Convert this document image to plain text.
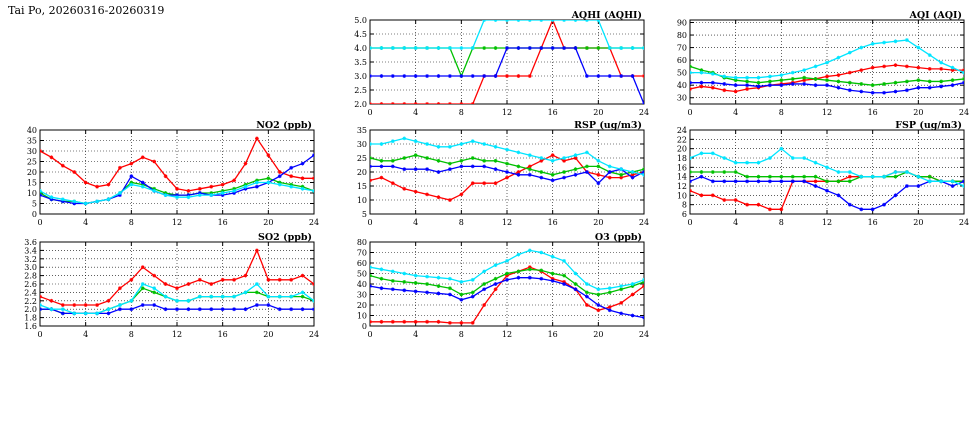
Tai Po, 20260316-20260319
2.0
2.5
3.0
3.5
4.0
4.5
5.0
0	4	8	12	16	20	24
AQHI (AQHI)
30
40
50
60
70
80
90
0	4	8	12	16	20	24
AQI (AQI)
0
5
10
15
20
25
30
35
40
0	4	8	12	16	20	24
NO2 (ppb)
5
10
15
20
25
30
35
0	4	8	12	16	20	24
RSP (ug/m3)
6
8
10
12
14
16
18
20
22
24
0	4	8	12	16	20	24
FSP (ug/m3)
1.6
1.8
2.0
2.2
2.4
2.6
2.8
3.0
3.2
3.4
3.6
0	4	8	12	16	20	24
SO2 (ppb)
0
10
20
30
40
50
60
70
80
0	4	8	12	16	20	24
O3 (ppb)
